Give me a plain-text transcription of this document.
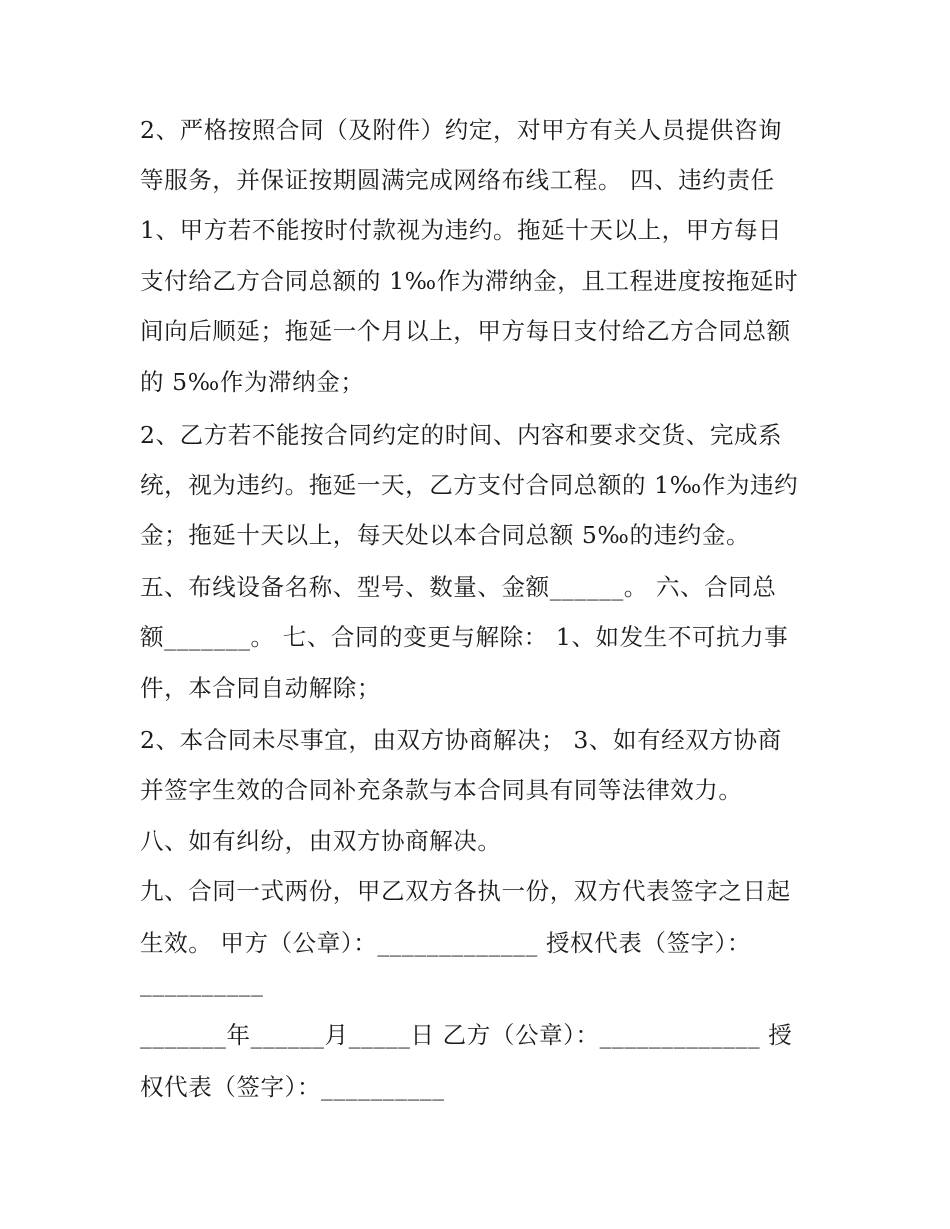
2、严格按照合同（及附件）约定，对甲方有关人员提供咨询

等服务，并保证按期圆满完成网络布线工程。 四、违约责任

1、甲方若不能按时付款视为违约。拖延十天以上，甲方每日

支付给乙方合同总额的 1‰作为滞纳金，且工程进度按拖延时

间向后顺延；拖延一个月以上，甲方每日支付给乙方合同总额

的 5‰作为滞纳金；

2、乙方若不能按合同约定的时间、内容和要求交货、完成系

统，视为违约。拖延一天，乙方支付合同总额的 1‰作为违约

金；拖延十天以上，每天处以本合同总额 5‰的违约金。

五、布线设备名称、型号、数量、金额______。 六、合同总

额_______。 七、合同的变更与解除： 1、如发生不可抗力事

件，本合同自动解除；

2、本合同未尽事宜，由双方协商解决； 3、如有经双方协商

并签字生效的合同补充条款与本合同具有同等法律效力。

八、如有纠纷，由双方协商解决。

九、合同一式两份，甲乙双方各执一份，双方代表签字之日起

生效。 甲方（公章）：_____________ 授权代表（签字）：

__________

_______年______月_____日 乙方（公章）：_____________ 授

权代表（签字）：__________
